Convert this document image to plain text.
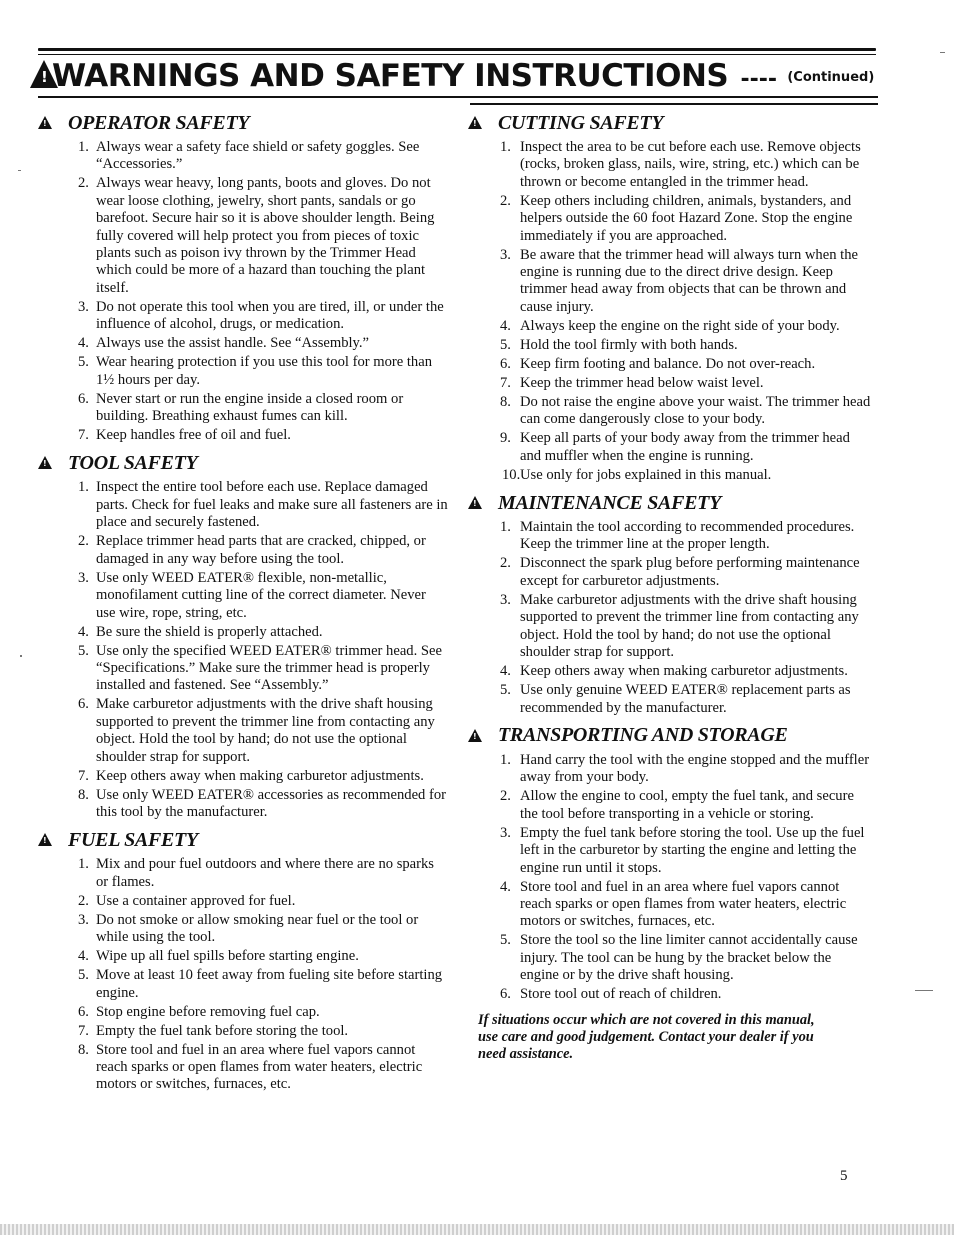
!WARNINGS AND SAFETY INSTRUCTIONS ---- (Continued)
!
OPERATOR SAFETY
1. Always wear a safety face shield or safety goggles. See “Accessories.”
2. Always wear heavy, long pants, boots and gloves. Do not wear loose clothing, jewelry, short pants, sandals or go barefoot. Secure hair so it is above shoulder length. Being fully covered will help protect you from pieces of toxic plants such as poison ivy thrown by the Trimmer Head which could be more of a hazard than touching the plant itself.
3. Do not operate this tool when you are tired, ill, or under the influence of alcohol, drugs, or medication.
4. Always use the assist handle. See “Assembly.”
5. Wear hearing protection if you use this tool for more than 1½ hours per day.
6. Never start or run the engine inside a closed room or building. Breathing exhaust fumes can kill.
7. Keep handles free of oil and fuel.
!
TOOL SAFETY
1. Inspect the entire tool before each use. Replace damaged parts. Check for fuel leaks and make sure all fasteners are in place and securely fastened.
2. Replace trimmer head parts that are cracked, chipped, or damaged in any way before using the tool.
3. Use only WEED EATER® flexible, non-metallic, monofilament cutting line of the correct diameter. Never use wire, rope, string, etc.
4. Be sure the shield is properly attached.
5. Use only the specified WEED EATER® trimmer head. See “Specifications.” Make sure the trimmer head is properly installed and fastened. See “Assembly.”
6. Make carburetor adjustments with the drive shaft housing supported to prevent the trimmer line from contacting any object. Hold the tool by hand; do not use the optional shoulder strap for support.
7. Keep others away when making carburetor adjustments.
8. Use only WEED EATER® accessories as recommended for this tool by the manufacturer.
!
FUEL SAFETY
1. Mix and pour fuel outdoors and where there are no sparks or flames.
2. Use a container approved for fuel.
3. Do not smoke or allow smoking near fuel or the tool or while using the tool.
4. Wipe up all fuel spills before starting engine.
5. Move at least 10 feet away from fueling site before starting engine.
6. Stop engine before removing fuel cap.
7. Empty the fuel tank before storing the tool.
8. Store tool and fuel in an area where fuel vapors cannot reach sparks or open flames from water heaters, electric motors or switches, furnaces, etc.
!
CUTTING SAFETY
1. Inspect the area to be cut before each use. Remove objects (rocks, broken glass, nails, wire, string, etc.) which can be thrown or become entangled in the trimmer head.
2. Keep others including children, animals, bystanders, and helpers outside the 60 foot Hazard Zone. Stop the engine immediately if you are approached.
3. Be aware that the trimmer head will always turn when the engine is running due to the direct drive design. Keep trimmer head away from objects that can be thrown and cause injury.
4. Always keep the engine on the right side of your body.
5. Hold the tool firmly with both hands.
6. Keep firm footing and balance. Do not over-reach.
7. Keep the trimmer head below waist level.
8. Do not raise the engine above your waist. The trimmer head can come dangerously close to your body.
9. Keep all parts of your body away from the trimmer head and muffler when the engine is running.
10. Use only for jobs explained in this manual.
!
MAINTENANCE SAFETY
1. Maintain the tool according to recommended procedures. Keep the trimmer line at the proper length.
2. Disconnect the spark plug before performing maintenance except for carburetor adjustments.
3. Make carburetor adjustments with the drive shaft housing supported to prevent the trimmer line from contacting any object. Hold the tool by hand; do not use the optional shoulder strap for support.
4. Keep others away when making carburetor adjustments.
5. Use only genuine WEED EATER® replacement parts as recommended by the manufacturer.
!
TRANSPORTING AND STORAGE
1. Hand carry the tool with the engine stopped and the muffler away from your body.
2. Allow the engine to cool, empty the fuel tank, and secure the tool before transporting in a vehicle or storing.
3. Empty the fuel tank before storing the tool. Use up the fuel left in the carburetor by starting the engine and letting the engine run until it stops.
4. Store tool and fuel in an area where fuel vapors cannot reach sparks or open flames from water heaters, electric motors or switches, furnaces, etc.
5. Store the tool so the line limiter cannot accidentally cause injury. The tool can be hung by the bracket below the engine or by the drive shaft housing.
6. Store tool out of reach of children.

If situations occur which are not covered in this manual, use care and good judgement. Contact your dealer if you need assistance.

5
